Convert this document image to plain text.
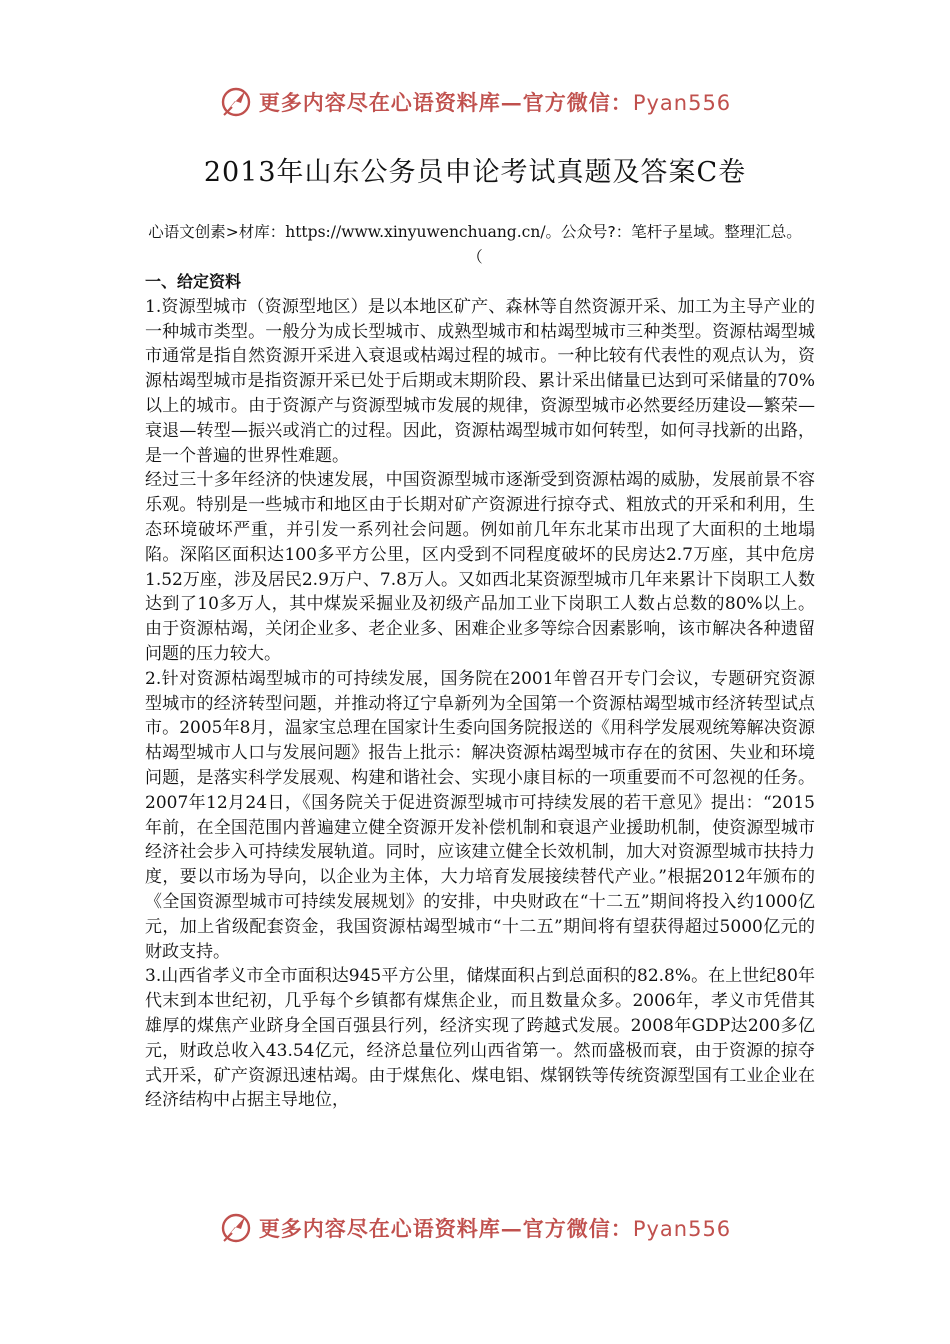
更多内容尽在心语资料库—官方微信：Pyan556
2013年山东公务员申论考试真题及答案C卷
心语文创素>材库：https://www.xinyuwenchuang.cn/。公众号?：笔杆子星域。整理汇总。（
一、给定资料

1.资源型城市（资源型地区）是以本地区矿产、森林等自然资源开采、加工为主导产业的一种城市类型。一般分为成长型城市、成熟型城市和枯竭型城市三种类型。资源枯竭型城市通常是指自然资源开采进入衰退或枯竭过程的城市。一种比较有代表性的观点认为，资源枯竭型城市是指资源开采已处于后期或末期阶段、累计采出储量已达到可采储量的70%以上的城市。由于资源产与资源型城市发展的规律，资源型城市必然要经历建设—繁荣—衰退—转型—振兴或消亡的过程。因此，资源枯竭型城市如何转型，如何寻找新的出路，是一个普遍的世界性难题。

经过三十多年经济的快速发展，中国资源型城市逐渐受到资源枯竭的威胁，发展前景不容乐观。特别是一些城市和地区由于长期对矿产资源进行掠夺式、粗放式的开采和利用，生态环境破坏严重，并引发一系列社会问题。例如前几年东北某市出现了大面积的土地塌陷。深陷区面积达100多平方公里，区内受到不同程度破坏的民房达2.7万座，其中危房1.52万座，涉及居民2.9万户、7.8万人。又如西北某资源型城市几年来累计下岗职工人数达到了10多万人，其中煤炭采掘业及初级产品加工业下岗职工人数占总数的80%以上。由于资源枯竭，关闭企业多、老企业多、困难企业多等综合因素影响，该市解决各种遗留问题的压力较大。

2.针对资源枯竭型城市的可持续发展，国务院在2001年曾召开专门会议，专题研究资源型城市的经济转型问题，并推动将辽宁阜新列为全国第一个资源枯竭型城市经济转型试点市。2005年8月，温家宝总理在国家计生委向国务院报送的《用科学发展观统筹解决资源枯竭型城市人口与发展问题》报告上批示：解决资源枯竭型城市存在的贫困、失业和环境问题，是落实科学发展观、构建和谐社会、实现小康目标的一项重要而不可忽视的任务。2007年12月24日，《国务院关于促进资源型城市可持续发展的若干意见》提出：“2015年前，在全国范围内普遍建立健全资源开发补偿机制和衰退产业援助机制，使资源型城市经济社会步入可持续发展轨道。同时，应该建立健全长效机制，加大对资源型城市扶持力度，要以市场为导向，以企业为主体，大力培育发展接续替代产业。”根据2012年颁布的《全国资源型城市可持续发展规划》的安排，中央财政在“十二五”期间将投入约1000亿元，加上省级配套资金，我国资源枯竭型城市“十二五”期间将有望获得超过5000亿元的财政支持。

3.山西省孝义市全市面积达945平方公里，储煤面积占到总面积的82.8%。在上世纪80年代末到本世纪初，几乎每个乡镇都有煤焦企业，而且数量众多。2006年，孝义市凭借其雄厚的煤焦产业跻身全国百强县行列，经济实现了跨越式发展。2008年GDP达200多亿元，财政总收入43.54亿元，经济总量位列山西省第一。然而盛极而衰，由于资源的掠夺式开采，矿产资源迅速枯竭。由于煤焦化、煤电铝、煤钢铁等传统资源型国有工业企业在经济结构中占据主导地位，

更多内容尽在心语资料库—官方微信：Pyan556
